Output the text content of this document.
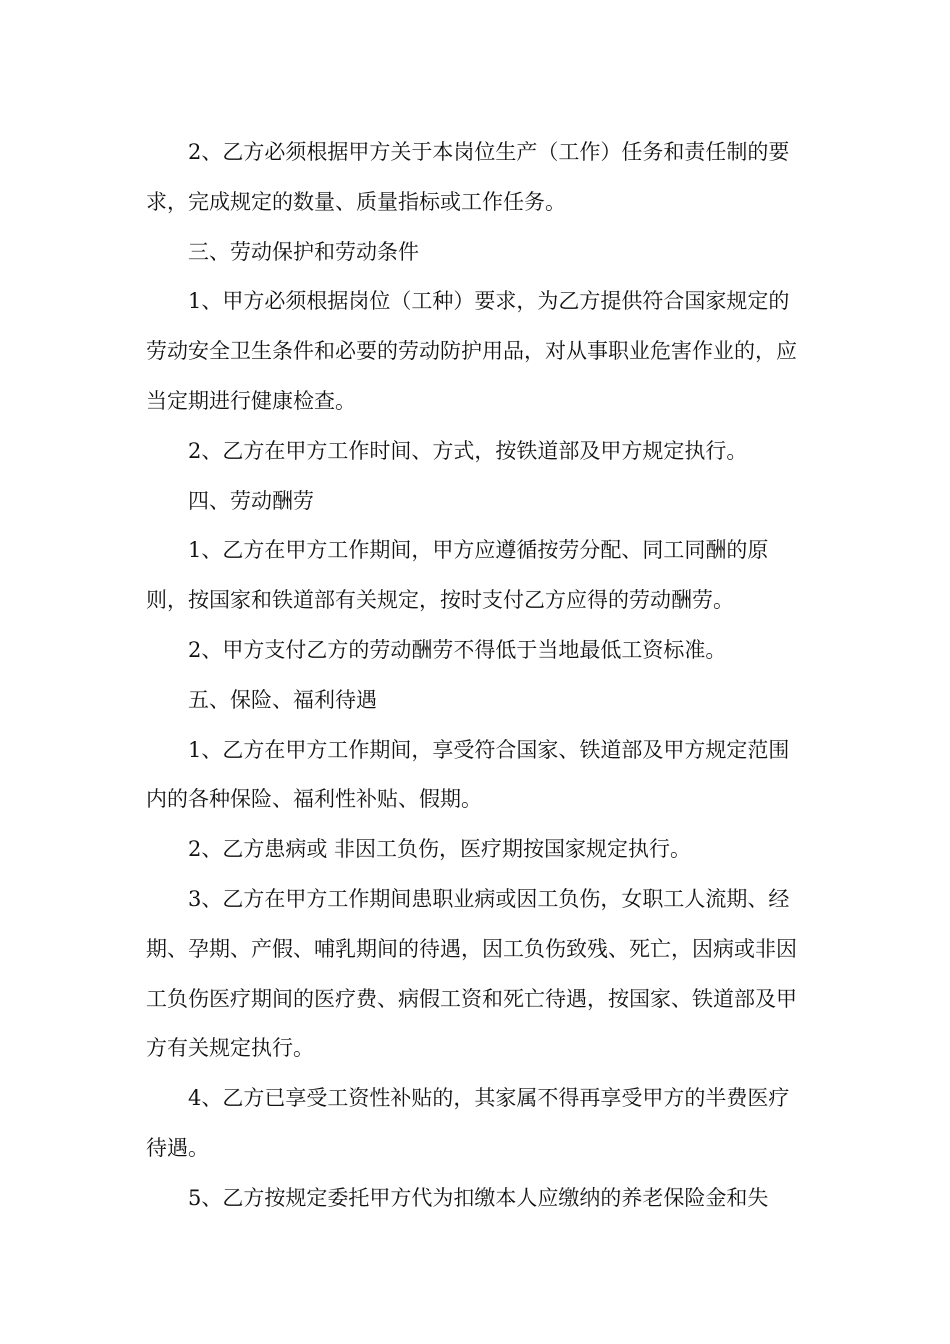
2、乙方必须根据甲方关于本岗位生产（工作）任务和责任制的要求，完成规定的数量、质量指标或工作任务。

三、劳动保护和劳动条件

1、甲方必须根据岗位（工种）要求，为乙方提供符合国家规定的劳动安全卫生条件和必要的劳动防护用品，对从事职业危害作业的，应当定期进行健康检查。

2、乙方在甲方工作时间、方式，按铁道部及甲方规定执行。

四、劳动酬劳

1、乙方在甲方工作期间，甲方应遵循按劳分配、同工同酬的原则，按国家和铁道部有关规定，按时支付乙方应得的劳动酬劳。

2、甲方支付乙方的劳动酬劳不得低于当地最低工资标准。

五、保险、福利待遇

1、乙方在甲方工作期间，享受符合国家、铁道部及甲方规定范围内的各种保险、福利性补贴、假期。

2、乙方患病或 非因工负伤，医疗期按国家规定执行。

3、乙方在甲方工作期间患职业病或因工负伤，女职工人流期、经期、孕期、产假、哺乳期间的待遇，因工负伤致残、死亡，因病或非因工负伤医疗期间的医疗费、病假工资和死亡待遇，按国家、铁道部及甲方有关规定执行。

4、乙方已享受工资性补贴的，其家属不得再享受甲方的半费医疗待遇。

5、乙方按规定委托甲方代为扣缴本人应缴纳的养老保险金和失
